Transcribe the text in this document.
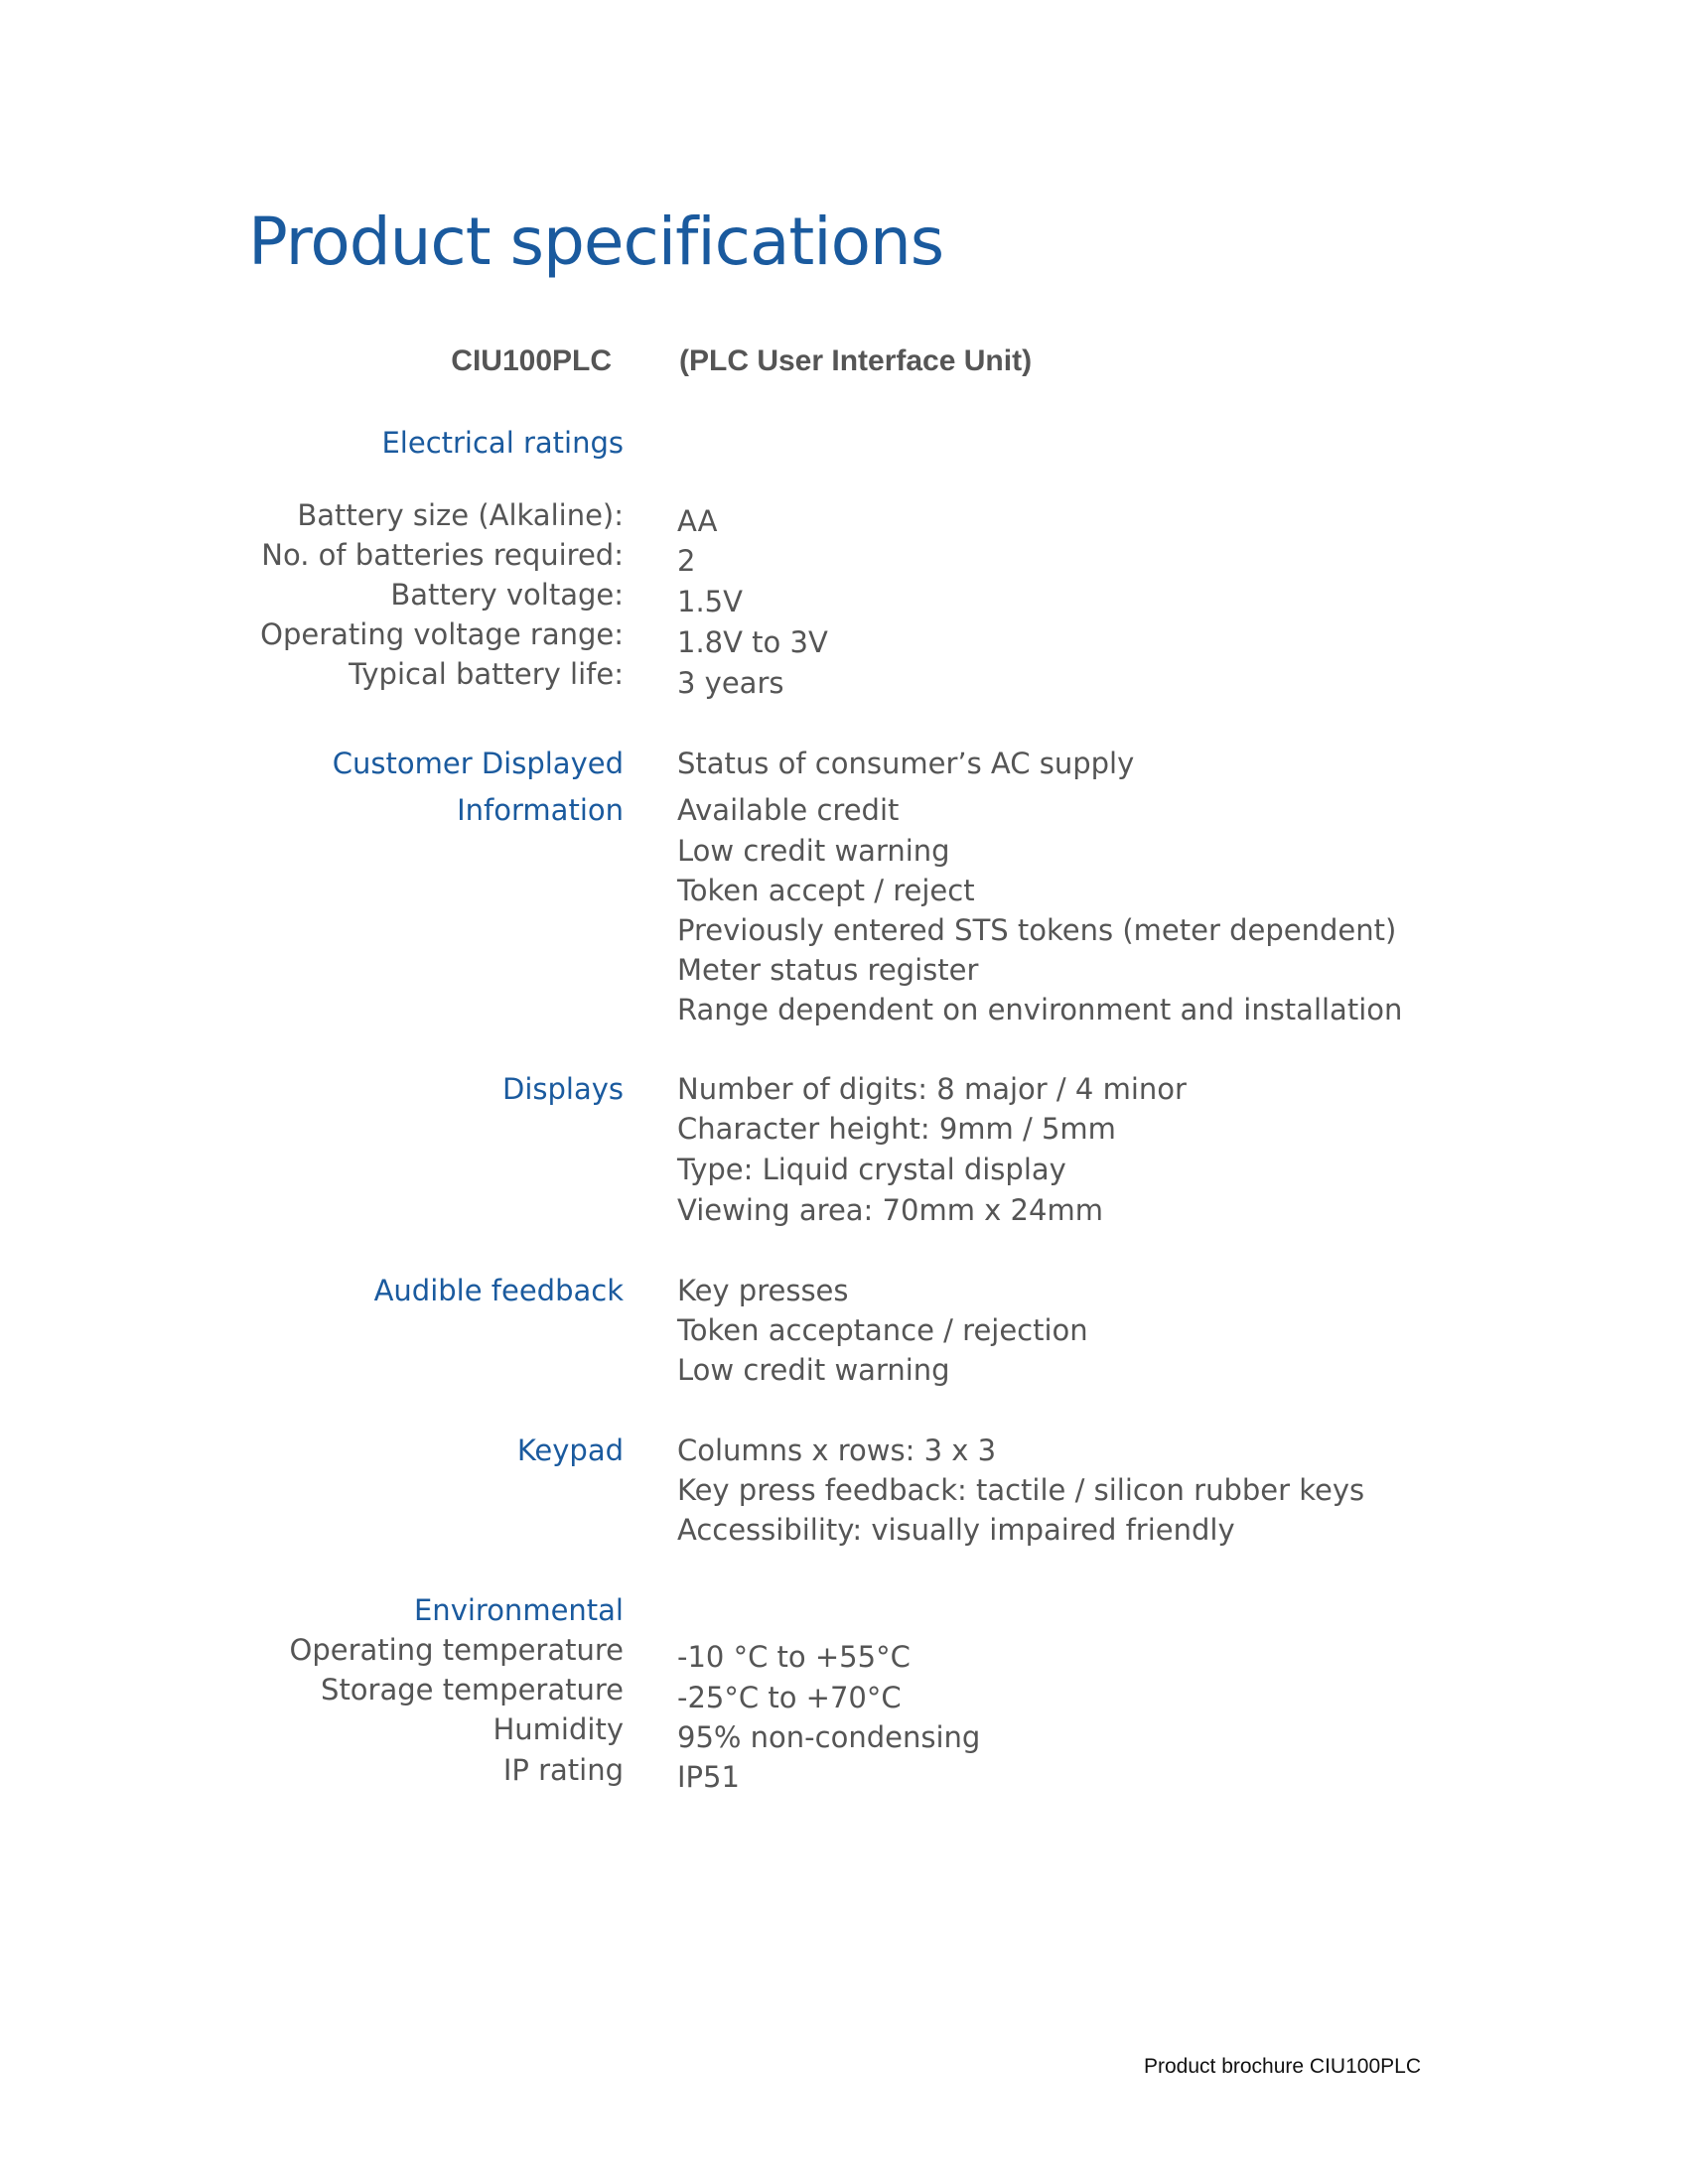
Product specifications
CIU100PLC (PLC User Interface Unit)
Electrical ratings
Battery size (Alkaline):
No. of batteries required:
Battery voltage:
Operating voltage range:
Typical battery life:
AA
2
1.5V
1.8V to 3V
3 years
Customer Displayed
Information
Status of consumer’s AC supply
Available credit
Low credit warning
Token accept / reject
Previously entered STS tokens (meter dependent)
Meter status register
Range dependent on environment and installation
Displays Number of digits: 8 major / 4 minor
Character height: 9mm / 5mm
Type: Liquid crystal display
Viewing area: 70mm x 24mm
Audible feedback Key presses
Token acceptance / rejection
Low credit warning
Keypad Columns x rows: 3 x 3
Key press feedback: tactile / silicon rubber keys
Accessibility: visually impaired friendly
Environmental
Operating temperature
Storage temperature
Humidity
IP rating
-10 °C to +55°C
-25°C to +70°C
95% non-condensing
IP51
Product brochure CIU100PLC
